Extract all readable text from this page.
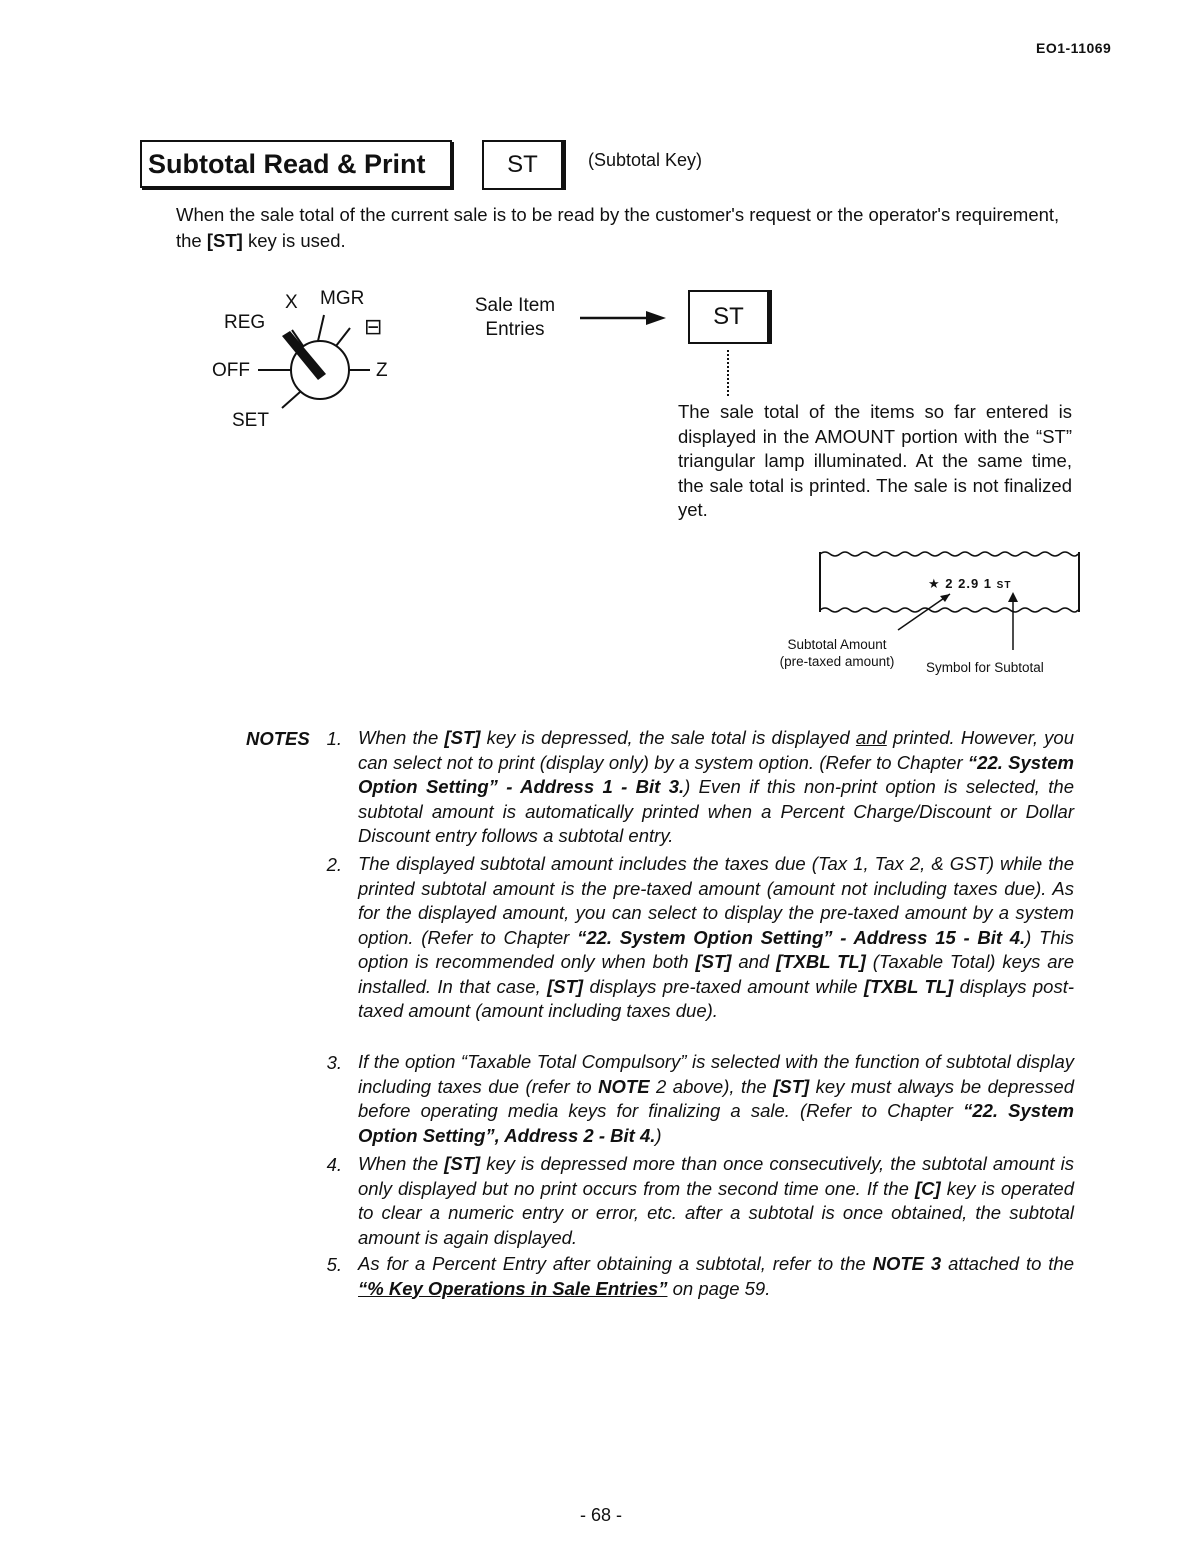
EO1-11069
Subtotal Read & Print	ST	(Subtotal Key)
When the sale total of the current sale is to be read by the customer's request or the operator's requirement, the [ST] key is used.
REG
X MGR
⊟
OFF	Z
SET
Sale Item
Entries	ST
The sale total of the items so far entered is displayed in the AMOUNT portion with the “ST” triangular lamp illuminated. At the same time, the sale total is printed. The sale is not finalized yet.
★ 2 2.9 1 ST
Subtotal Amount
(pre-taxed amount)	Symbol for Subtotal
NOTES 1. When the [ST] key is depressed, the sale total is displayed and printed. However, you can select not to print (display only) by a system option. (Refer to Chapter “22. System Option Setting” - Address 1 - Bit 3.) Even if this non-print option is selected, the subtotal amount is automatically printed when a Percent Charge/Discount or Dollar Discount entry follows a subtotal entry.
2. The displayed subtotal amount includes the taxes due (Tax 1, Tax 2, & GST) while the printed subtotal amount is the pre-taxed amount (amount not including taxes due). As for the displayed amount, you can select to display the pre-taxed amount by a system option. (Refer to Chapter “22. System Option Setting” - Address 15 - Bit 4.) This option is recommended only when both [ST] and [TXBL TL] (Taxable Total) keys are installed. In that case, [ST] displays pre-taxed amount while [TXBL TL] displays post-taxed amount (amount including taxes due).
3. If the option “Taxable Total Compulsory” is selected with the function of subtotal display including taxes due (refer to NOTE 2 above), the [ST] key must always be depressed before operating media keys for finalizing a sale. (Refer to Chapter “22. System Option Setting”, Address 2 - Bit 4.)
4. When the [ST] key is depressed more than once consecutively, the subtotal amount is only displayed but no print occurs from the second time one. If the [C] key is operated to clear a numeric entry or error, etc. after a subtotal is once obtained, the subtotal amount is again displayed.
5. As for a Percent Entry after obtaining a subtotal, refer to the NOTE 3 attached to the “% Key Operations in Sale Entries” on page 59.
- 68 -
